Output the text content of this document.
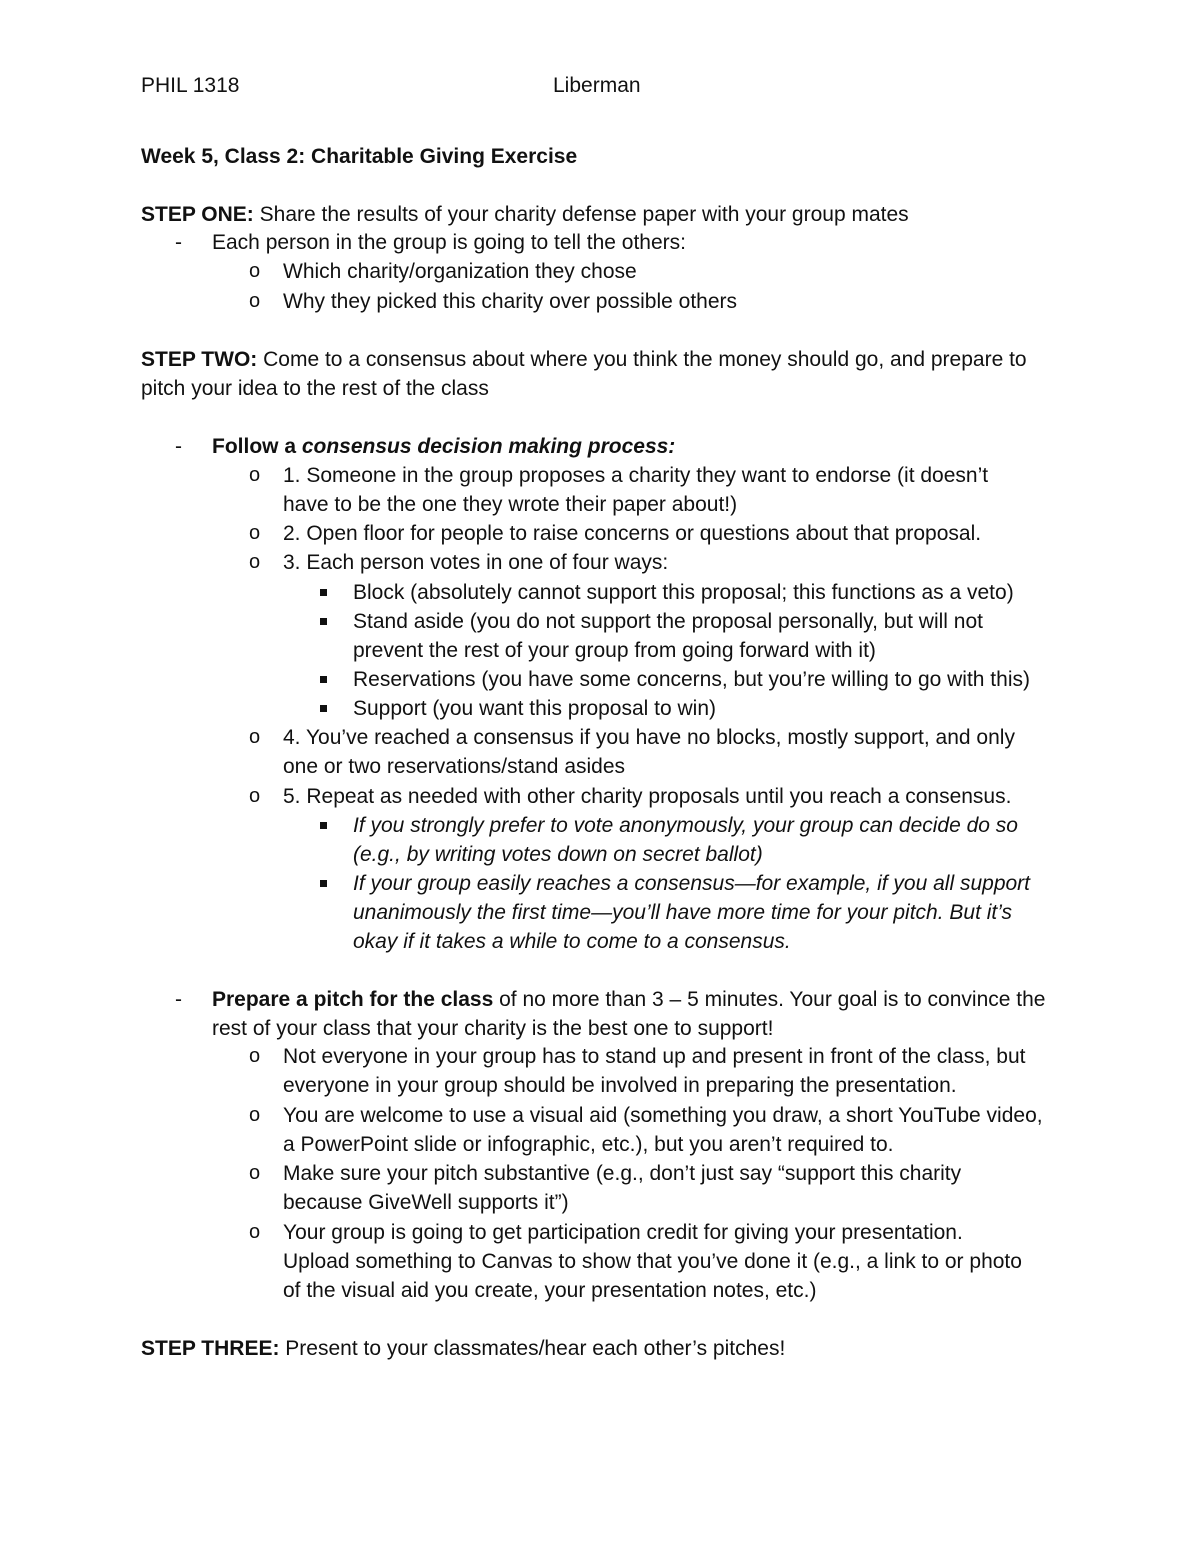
PHIL 1318	Liberman
Week 5, Class 2: Charitable Giving Exercise
STEP ONE: Share the results of your charity defense paper with your group mates
- Each person in the group is going to tell the others:
o Which charity/organization they chose
o Why they picked this charity over possible others
STEP TWO: Come to a consensus about where you think the money should go, and prepare to
pitch your idea to the rest of the class
- Follow a consensus decision making process:
o 1. Someone in the group proposes a charity they want to endorse (it doesn’t
have to be the one they wrote their paper about!)
o 2. Open floor for people to raise concerns or questions about that proposal.
o 3. Each person votes in one of four ways:
Block (absolutely cannot support this proposal; this functions as a veto)
Stand aside (you do not support the proposal personally, but will not
prevent the rest of your group from going forward with it)
Reservations (you have some concerns, but you’re willing to go with this)
Support (you want this proposal to win)
o 4. You’ve reached a consensus if you have no blocks, mostly support, and only
one or two reservations/stand asides
o 5. Repeat as needed with other charity proposals until you reach a consensus.
If you strongly prefer to vote anonymously, your group can decide do so
(e.g., by writing votes down on secret ballot)
If your group easily reaches a consensus—for example, if you all support
unanimously the first time—you’ll have more time for your pitch. But it’s
okay if it takes a while to come to a consensus.
- Prepare a pitch for the class of no more than 3 – 5 minutes. Your goal is to convince the
rest of your class that your charity is the best one to support!
o Not everyone in your group has to stand up and present in front of the class, but
everyone in your group should be involved in preparing the presentation.
o You are welcome to use a visual aid (something you draw, a short YouTube video,
a PowerPoint slide or infographic, etc.), but you aren’t required to.
o Make sure your pitch substantive (e.g., don’t just say “support this charity
because GiveWell supports it”)
o Your group is going to get participation credit for giving your presentation.
Upload something to Canvas to show that you’ve done it (e.g., a link to or photo
of the visual aid you create, your presentation notes, etc.)
STEP THREE: Present to your classmates/hear each other’s pitches!
